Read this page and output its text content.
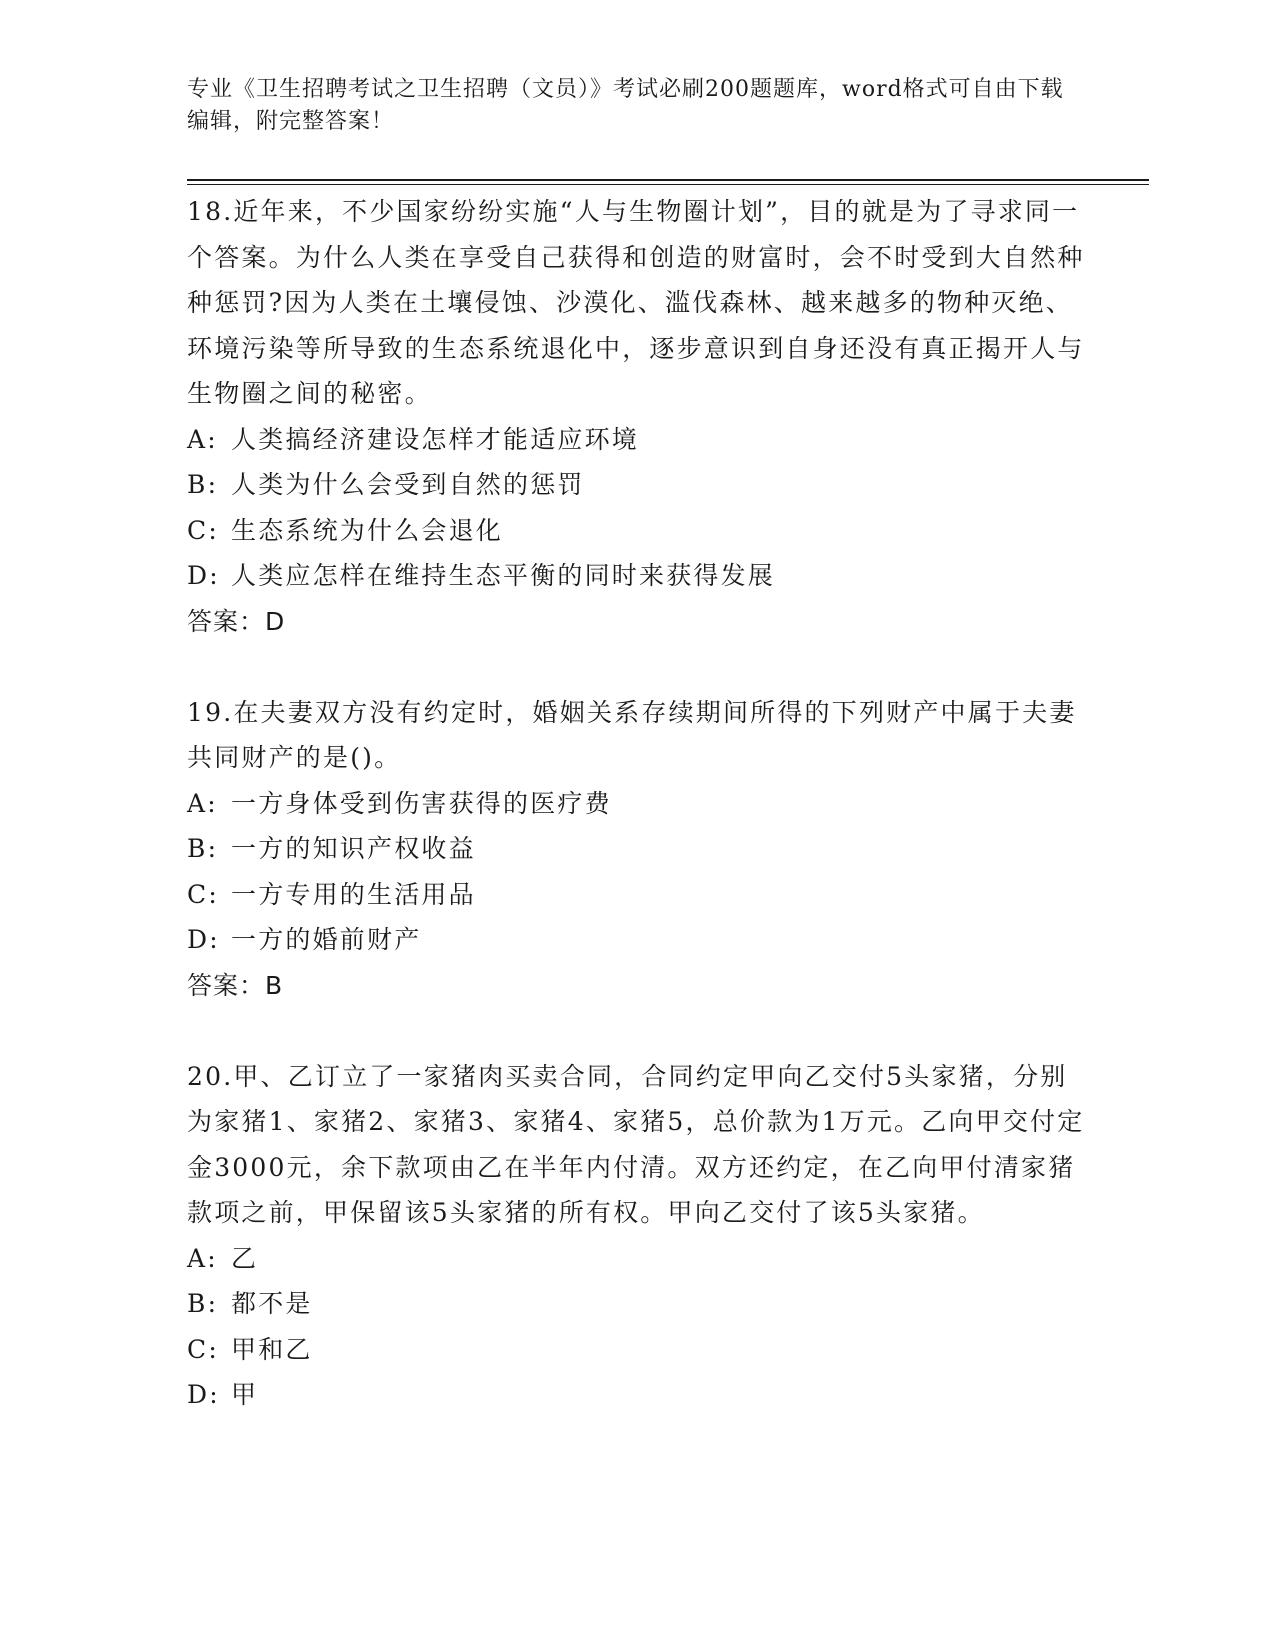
专业《卫生招聘考试之卫生招聘（文员）》考试必刷200题题库，word格式可自由下载编辑，附完整答案！

18.近年来，不少国家纷纷实施“人与生物圈计划”，目的就是为了寻求同一个答案。为什么人类在享受自己获得和创造的财富时，会不时受到大自然种种惩罚?因为人类在土壤侵蚀、沙漠化、滥伐森林、越来越多的物种灭绝、环境污染等所导致的生态系统退化中，逐步意识到自身还没有真正揭开人与生物圈之间的秘密。

A: 人类搞经济建设怎样才能适应环境

B: 人类为什么会受到自然的惩罚

C: 生态系统为什么会退化

D: 人类应怎样在维持生态平衡的同时来获得发展

答案：D

19.在夫妻双方没有约定时，婚姻关系存续期间所得的下列财产中属于夫妻共同财产的是()。

A: 一方身体受到伤害获得的医疗费

B: 一方的知识产权收益

C: 一方专用的生活用品

D: 一方的婚前财产

答案：B

20.甲、乙订立了一家猪肉买卖合同，合同约定甲向乙交付5头家猪，分别为家猪1、家猪2、家猪3、家猪4、家猪5，总价款为1万元。乙向甲交付定金3000元，余下款项由乙在半年内付清。双方还约定，在乙向甲付清家猪款项之前，甲保留该5头家猪的所有权。甲向乙交付了该5头家猪。

A: 乙

B: 都不是

C: 甲和乙

D: 甲
